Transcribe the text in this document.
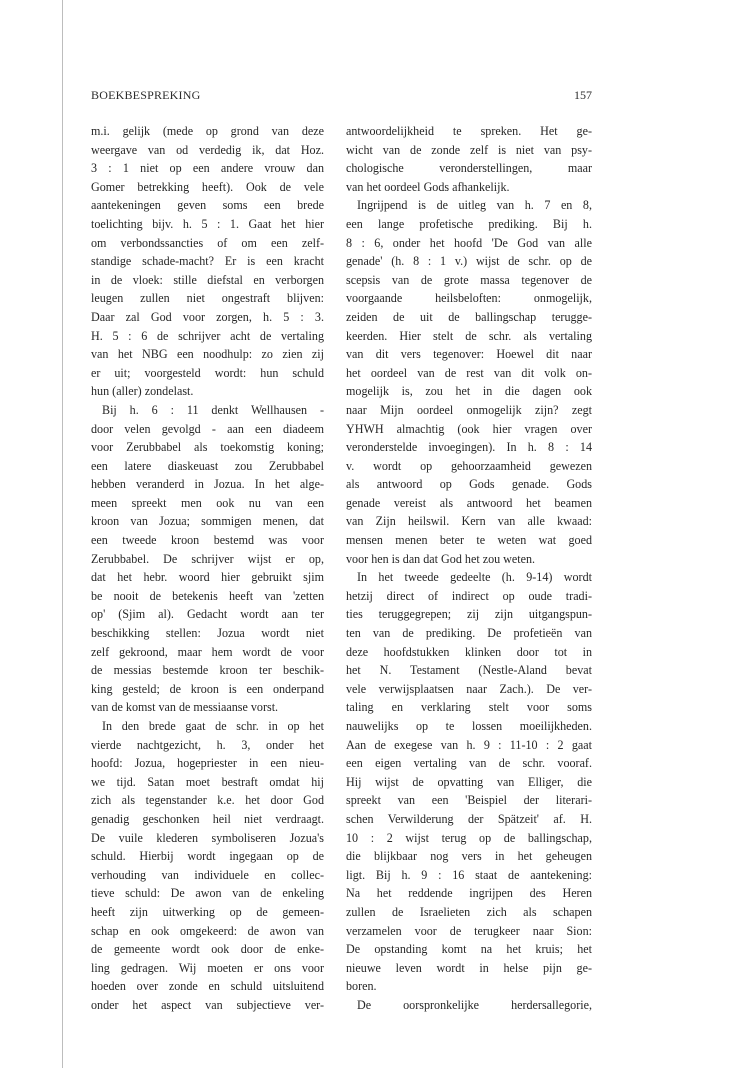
BOEKBESPREKING	157
m.i. gelijk (mede op grond van deze
weergave van od verdedig ik, dat Hoz.
3 : 1 niet op een andere vrouw dan
Gomer betrekking heeft). Ook de vele
aantekeningen geven soms een brede
toelichting bijv. h. 5 : 1. Gaat het hier
om verbondssancties of om een zelf-
standige schade-macht? Er is een kracht
in de vloek: stille diefstal en verborgen
leugen zullen niet ongestraft blijven:
Daar zal God voor zorgen, h. 5 : 3.
H. 5 : 6 de schrijver acht de vertaling
van het NBG een noodhulp: zo zien zij
er uit; voorgesteld wordt: hun schuld
hun (aller) zondelast.
Bij h. 6 : 11 denkt Wellhausen -
door velen gevolgd - aan een diadeem
voor Zerubbabel als toekomstig koning;
een latere diaskeuast zou Zerubbabel
hebben veranderd in Jozua. In het alge-
meen spreekt men ook nu van een
kroon van Jozua; sommigen menen, dat
een tweede kroon bestemd was voor
Zerubbabel. De schrijver wijst er op,
dat het hebr. woord hier gebruikt sjim
be nooit de betekenis heeft van 'zetten
op' (Sjim al). Gedacht wordt aan ter
beschikking stellen: Jozua wordt niet
zelf gekroond, maar hem wordt de voor
de messias bestemde kroon ter beschik-
king gesteld; de kroon is een onderpand
van de komst van de messiaanse vorst.
In den brede gaat de schr. in op het
vierde nachtgezicht, h. 3, onder het
hoofd: Jozua, hogepriester in een nieu-
we tijd. Satan moet bestraft omdat hij
zich als tegenstander k.e. het door God
genadig geschonken heil niet verdraagt.
De vuile klederen symboliseren Jozua's
schuld. Hierbij wordt ingegaan op de
verhouding van individuele en collec-
tieve schuld: De awon van de enkeling
heeft zijn uitwerking op de gemeen-
schap en ook omgekeerd: de awon van
de gemeente wordt ook door de enke-
ling gedragen. Wij moeten er ons voor
hoeden over zonde en schuld uitsluitend
onder het aspect van subjectieve ver-
antwoordelijkheid te spreken. Het ge-
wicht van de zonde zelf is niet van psy-
chologische veronderstellingen, maar
van het oordeel Gods afhankelijk.
Ingrijpend is de uitleg van h. 7 en 8,
een lange profetische prediking. Bij h.
8 : 6, onder het hoofd 'De God van alle
genade' (h. 8 : 1 v.) wijst de schr. op de
scepsis van de grote massa tegenover de
voorgaande heilsbeloften: onmogelijk,
zeiden de uit de ballingschap terugge-
keerden. Hier stelt de schr. als vertaling
van dit vers tegenover: Hoewel dit naar
het oordeel van de rest van dit volk on-
mogelijk is, zou het in die dagen ook
naar Mijn oordeel onmogelijk zijn? zegt
YHWH almachtig (ook hier vragen over
veronderstelde invoegingen). In h. 8 : 14
v. wordt op gehoorzaamheid gewezen
als antwoord op Gods genade. Gods
genade vereist als antwoord het beamen
van Zijn heilswil. Kern van alle kwaad:
mensen menen beter te weten wat goed
voor hen is dan dat God het zou weten.
In het tweede gedeelte (h. 9-14) wordt
hetzij direct of indirect op oude tradi-
ties teruggegrepen; zij zijn uitgangspun-
ten van de prediking. De profetieën van
deze hoofdstukken klinken door tot in
het N. Testament (Nestle-Aland bevat
vele verwijsplaatsen naar Zach.). De ver-
taling en verklaring stelt voor soms
nauwelijks op te lossen moeilijkheden.
Aan de exegese van h. 9 : 11-10 : 2 gaat
een eigen vertaling van de schr. vooraf.
Hij wijst de opvatting van Elliger, die
spreekt van een 'Beispiel der literari-
schen Verwilderung der Spätzeit' af. H.
10 : 2 wijst terug op de ballingschap,
die blijkbaar nog vers in het geheugen
ligt. Bij h. 9 : 16 staat de aantekening:
Na het reddende ingrijpen des Heren
zullen de Israelieten zich als schapen
verzamelen voor de terugkeer naar Sion:
De opstanding komt na het kruis; het
nieuwe leven wordt in helse pijn ge-
boren.
De oorspronkelijke herdersallegorie,
